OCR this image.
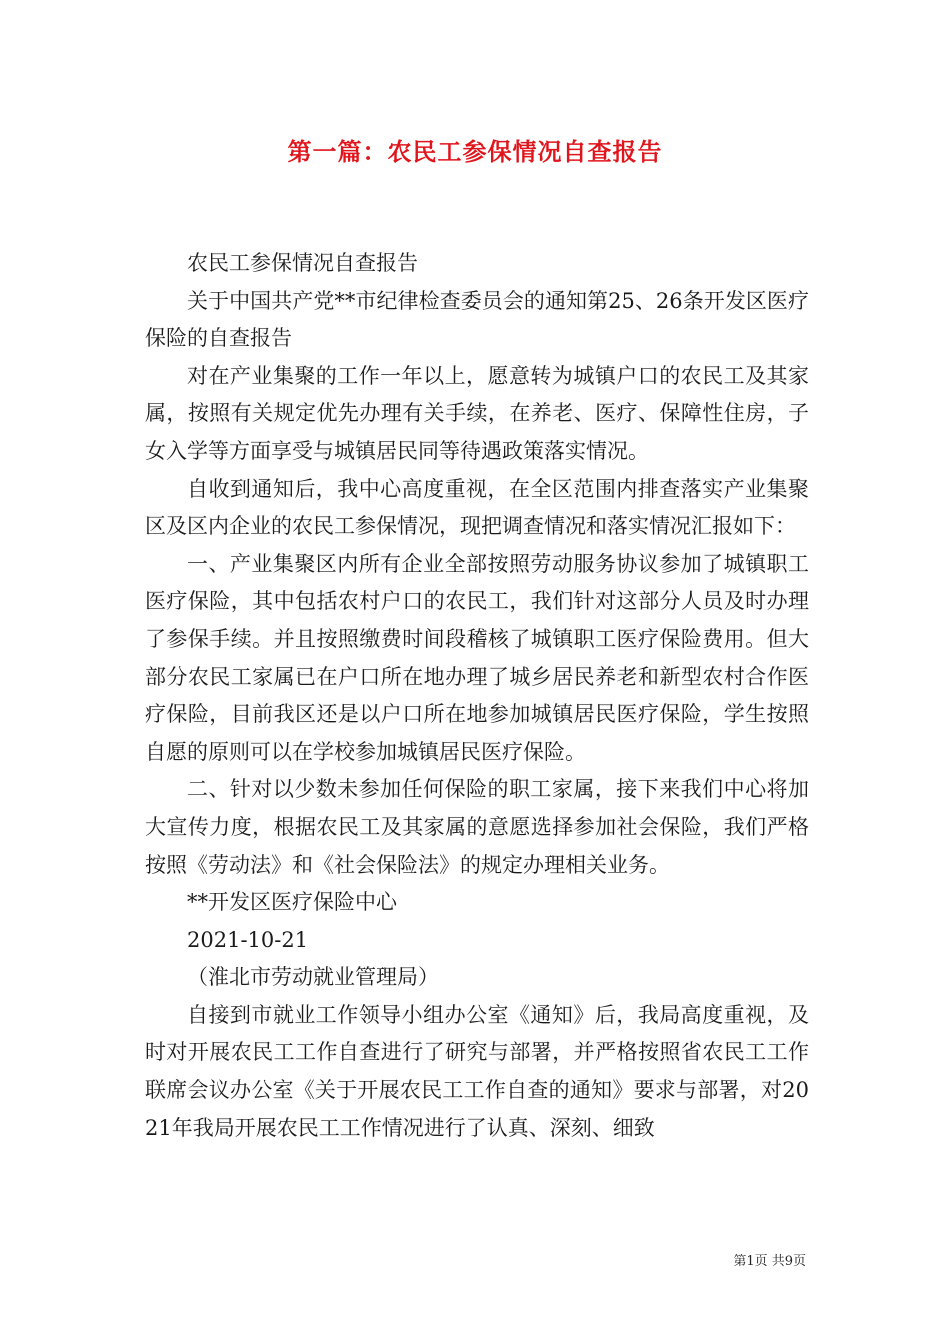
第一篇：农民工参保情况自查报告

农民工参保情况自查报告

关于中国共产党**市纪律检查委员会的通知第25、26条开发区医疗保险的自查报告

对在产业集聚的工作一年以上，愿意转为城镇户口的农民工及其家属，按照有关规定优先办理有关手续，在养老、医疗、保障性住房，子女入学等方面享受与城镇居民同等待遇政策落实情况。

自收到通知后，我中心高度重视，在全区范围内排查落实产业集聚区及区内企业的农民工参保情况，现把调查情况和落实情况汇报如下：

一、产业集聚区内所有企业全部按照劳动服务协议参加了城镇职工医疗保险，其中包括农村户口的农民工，我们针对这部分人员及时办理了参保手续。并且按照缴费时间段稽核了城镇职工医疗保险费用。但大部分农民工家属已在户口所在地办理了城乡居民养老和新型农村合作医疗保险，目前我区还是以户口所在地参加城镇居民医疗保险，学生按照自愿的原则可以在学校参加城镇居民医疗保险。

二、针对以少数未参加任何保险的职工家属，接下来我们中心将加大宣传力度，根据农民工及其家属的意愿选择参加社会保险，我们严格按照《劳动法》和《社会保险法》的规定办理相关业务。

**开发区医疗保险中心

2021-10-21

（淮北市劳动就业管理局）

自接到市就业工作领导小组办公室《通知》后，我局高度重视，及时对开展农民工工作自查进行了研究与部署，并严格按照省农民工工作联席会议办公室《关于开展农民工工作自查的通知》要求与部署，对2021年我局开展农民工工作情况进行了认真、深刻、细致

第1页 共9页
